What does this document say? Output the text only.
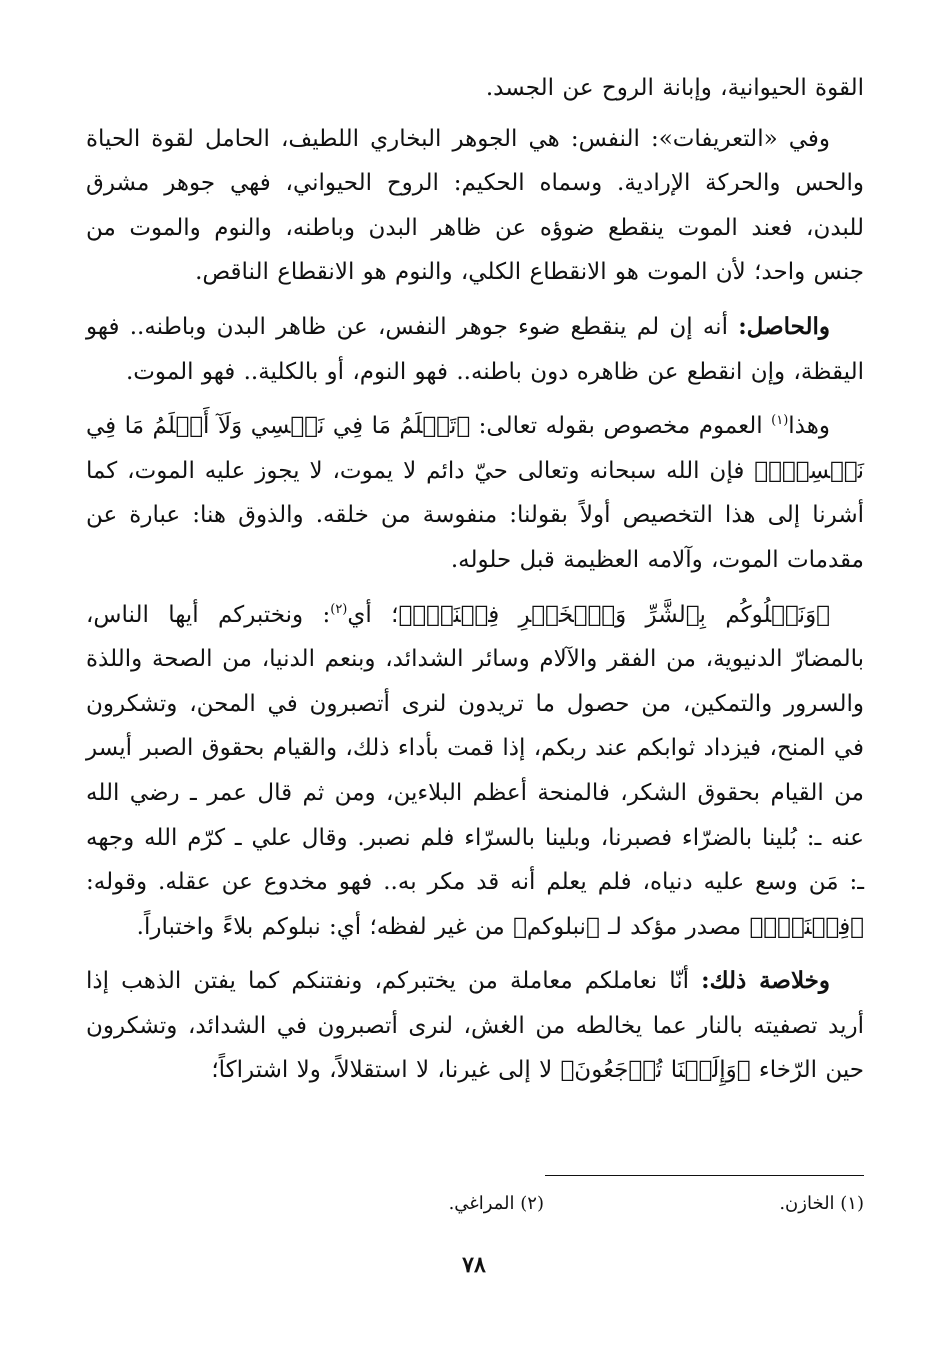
القوة الحيوانية، وإبانة الروح عن الجسد.

وفي «التعريفات»: النفس: هي الجوهر البخاري اللطيف، الحامل لقوة الحياة والحس والحركة الإرادية. وسماه الحكيم: الروح الحيواني، فهي جوهر مشرق للبدن، فعند الموت ينقطع ضوؤه عن ظاهر البدن وباطنه، والنوم والموت من جنس واحد؛ لأن الموت هو الانقطاع الكلي، والنوم هو الانقطاع الناقص.

والحاصل: أنه إن لم ينقطع ضوء جوهر النفس، عن ظاهر البدن وباطنه.. فهو اليقظة، وإن انقطع عن ظاهره دون باطنه.. فهو النوم، أو بالكلية.. فهو الموت.

وهذا$^{(١)}$ العموم مخصوص بقوله تعالى: ﴿تَعۡلَمُ مَا فِي نَفۡسِي وَلَآ أَعۡلَمُ مَا فِي نَفۡسِكَۚ﴾ فإن الله سبحانه وتعالى حيّ دائم لا يموت، لا يجوز عليه الموت، كما أشرنا إلى هذا التخصيص أولاً بقولنا: منفوسة من خلقه. والذوق هنا: عبارة عن مقدمات الموت، وآلامه العظيمة قبل حلوله.

﴿وَنَبۡلُوكُم بِٱلشَّرِّ وَٱلۡخَيۡرِ فِتۡنَةٗۖ﴾؛ أي$^{(٢)}$: ونختبركم أيها الناس، بالمضارّ الدنيوية، من الفقر والآلام وسائر الشدائد، وبنعم الدنيا، من الصحة واللذة والسرور والتمكين، من حصول ما تريدون لنرى أتصبرون في المحن، وتشكرون في المنح، فيزداد ثوابكم عند ربكم، إذا قمت بأداء ذلك، والقيام بحقوق الصبر أيسر من القيام بحقوق الشكر، فالمنحة أعظم البلاءين، ومن ثم قال عمر ـ رضي الله عنه ـ: بُلينا بالضرّاء فصبرنا، وبلينا بالسرّاء فلم نصبر. وقال علي ـ كرّم الله وجهه ـ: مَن وسع عليه دنياه، فلم يعلم أنه قد مكر به.. فهو مخدوع عن عقله. وقوله: ﴿فِتۡنَةٗۖ﴾ مصدر مؤكد لـ ﴿نبلوكم﴾ من غير لفظه؛ أي: نبلوكم بلاءً واختباراً.

وخلاصة ذلك: أنّا نعاملكم معاملة من يختبركم، ونفتنكم كما يفتن الذهب إذا أريد تصفيته بالنار عما يخالطه من الغش، لنرى أتصبرون في الشدائد، وتشكرون حين الرّخاء ﴿وَإِلَيۡنَا تُرۡجَعُونَ﴾ لا إلى غيرنا، لا استقلالاً، ولا اشتراكاً؛

(١) الخازن.
(٢) المراغي.
٧٨
